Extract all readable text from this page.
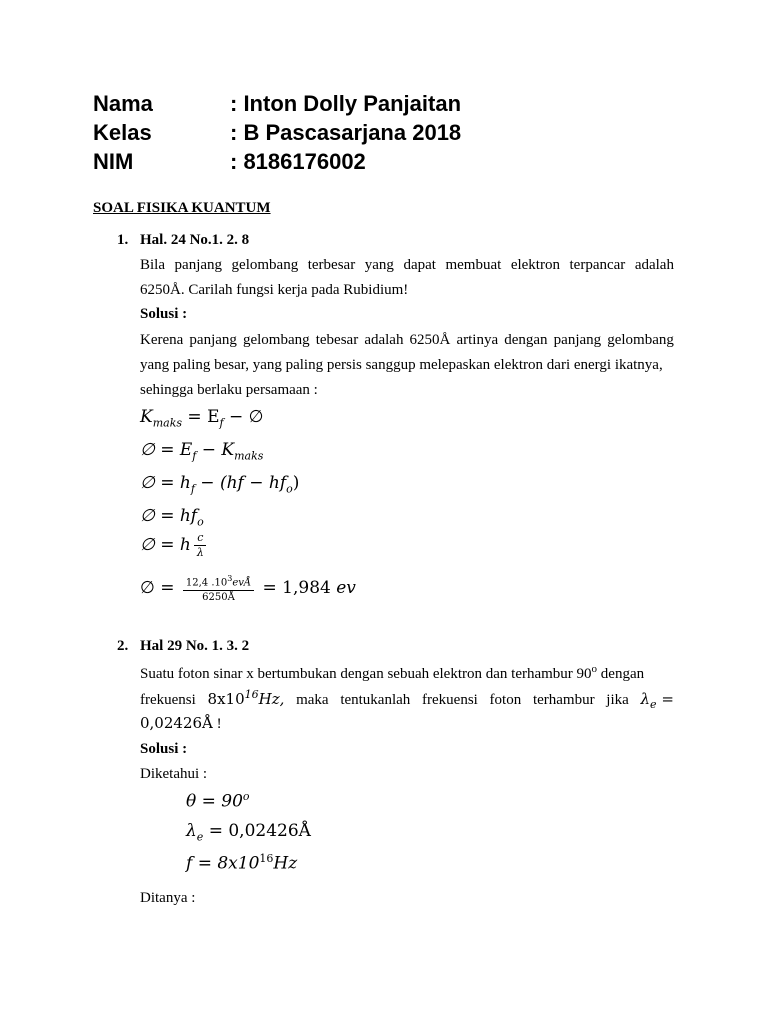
Nama	: Inton Dolly Panjaitan
Kelas	: B Pascasarjana 2018
NIM	: 8186176002
SOAL FISIKA KUANTUM
1. Hal. 24 No.1. 2. 8
Bila panjang gelombang terbesar yang dapat membuat elektron terpancar adalah
6250Å. Carilah fungsi kerja pada Rubidium!
Solusi :
Kerena panjang gelombang tebesar adalah 6250Å artinya dengan panjang gelombang
yang paling besar, yang paling persis sanggup melepaskan elektron dari energi ikatnya,
sehingga berlaku persamaan :
$K_{maks} = E_f$ − ∅
∅ = $E_f - K_{maks}$
∅ = $h_f - (hf - hf_o)$
∅ = $hf_o$
∅ = h $\frac{c}{\lambda}$
∅ = $\frac{12,4 .10^3evÅ}{6250Å} = 1,984$ ev
2. Hal 29 No. 1. 3. 2
Suatu foton sinar x bertumbukan dengan sebuah elektron dan terhambur 90$^o$ dengan
frekuensi $8x10^{16}Hz$, maka tentukanlah frekuensi foton terhambur jika $\lambda_e$ =
0,02426Å !
Solusi :
Diketahui :
$\theta = 90^o$
$\lambda_e$ = 0,02426Å
$f = 8x10^{16}Hz$
Ditanya :
